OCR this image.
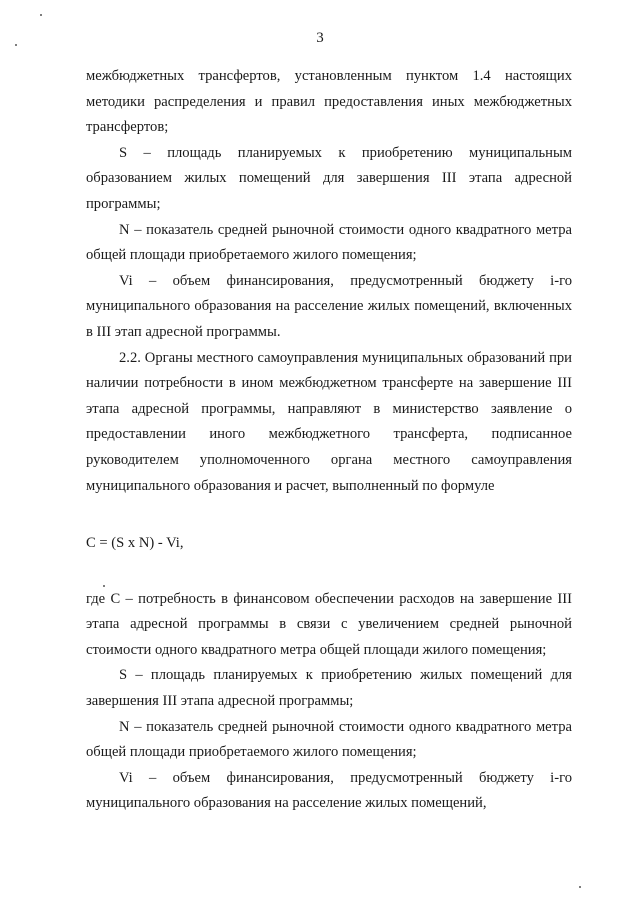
3

межбюджетных трансфертов, установленным пунктом 1.4 настоящих методики распределения и правил предоставления иных межбюджетных трансфертов;

S – площадь планируемых к приобретению муниципальным образованием жилых помещений для завершения III этапа адресной программы;

N – показатель средней рыночной стоимости одного квадратного метра общей площади приобретаемого жилого помещения;

Vi – объем финансирования, предусмотренный бюджету i-го муниципального образования на расселение жилых помещений, включенных в III этап адресной программы.

2.2. Органы местного самоуправления муниципальных образований при наличии потребности в ином межбюджетном трансферте на завершение III этапа адресной программы, направляют в министерство заявление о предоставлении иного межбюджетного трансферта, подписанное руководителем уполномоченного органа местного самоуправления муниципального образования и расчет, выполненный по формуле

C = (S x N) - Vi,

где C – потребность в финансовом обеспечении расходов на завершение III этапа адресной программы в связи с увеличением средней рыночной стоимости одного квадратного метра общей площади жилого помещения;

S – площадь планируемых к приобретению жилых помещений для завершения III этапа адресной программы;

N – показатель средней рыночной стоимости одного квадратного метра общей площади приобретаемого жилого помещения;

Vi – объем финансирования, предусмотренный бюджету i-го муниципального образования на расселение жилых помещений,
